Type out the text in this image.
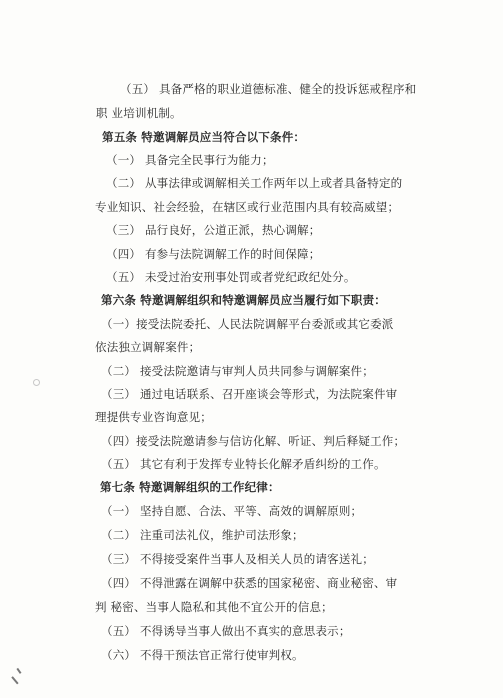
（五） 具备严格的职业道德标准、健全的投诉惩戒程序和
职 业培训机制。
第五条 特邀调解员应当符合以下条件：
（一） 具备完全民事行为能力；
（二） 从事法律或调解相关工作两年以上或者具备特定的
专业知识、社会经验，在辖区或行业范围内具有较高威望；
（三） 品行良好，公道正派，热心调解；
（四） 有参与法院调解工作的时间保障；
（五） 未受过治安刑事处罚或者党纪政纪处分。
第六条 特邀调解组织和特邀调解员应当履行如下职责：
（一）接受法院委托、人民法院调解平台委派或其它委派
依法独立调解案件；
（二） 接受法院邀请与审判人员共同参与调解案件；
（三） 通过电话联系、召开座谈会等形式，为法院案件审
理提供专业咨询意见；
（四）接受法院邀请参与信访化解、听证、判后释疑工作；
（五） 其它有利于发挥专业特长化解矛盾纠纷的工作。
第七条 特邀调解组织的工作纪律：
（一） 坚持自愿、合法、平等、高效的调解原则；
（二） 注重司法礼仪，维护司法形象；
（三） 不得接受案件当事人及相关人员的请客送礼；
（四） 不得泄露在调解中获悉的国家秘密、商业秘密、审
判 秘密、当事人隐私和其他不宜公开的信息；
（五） 不得诱导当事人做出不真实的意思表示；
（六） 不得干预法官正常行使审判权。
